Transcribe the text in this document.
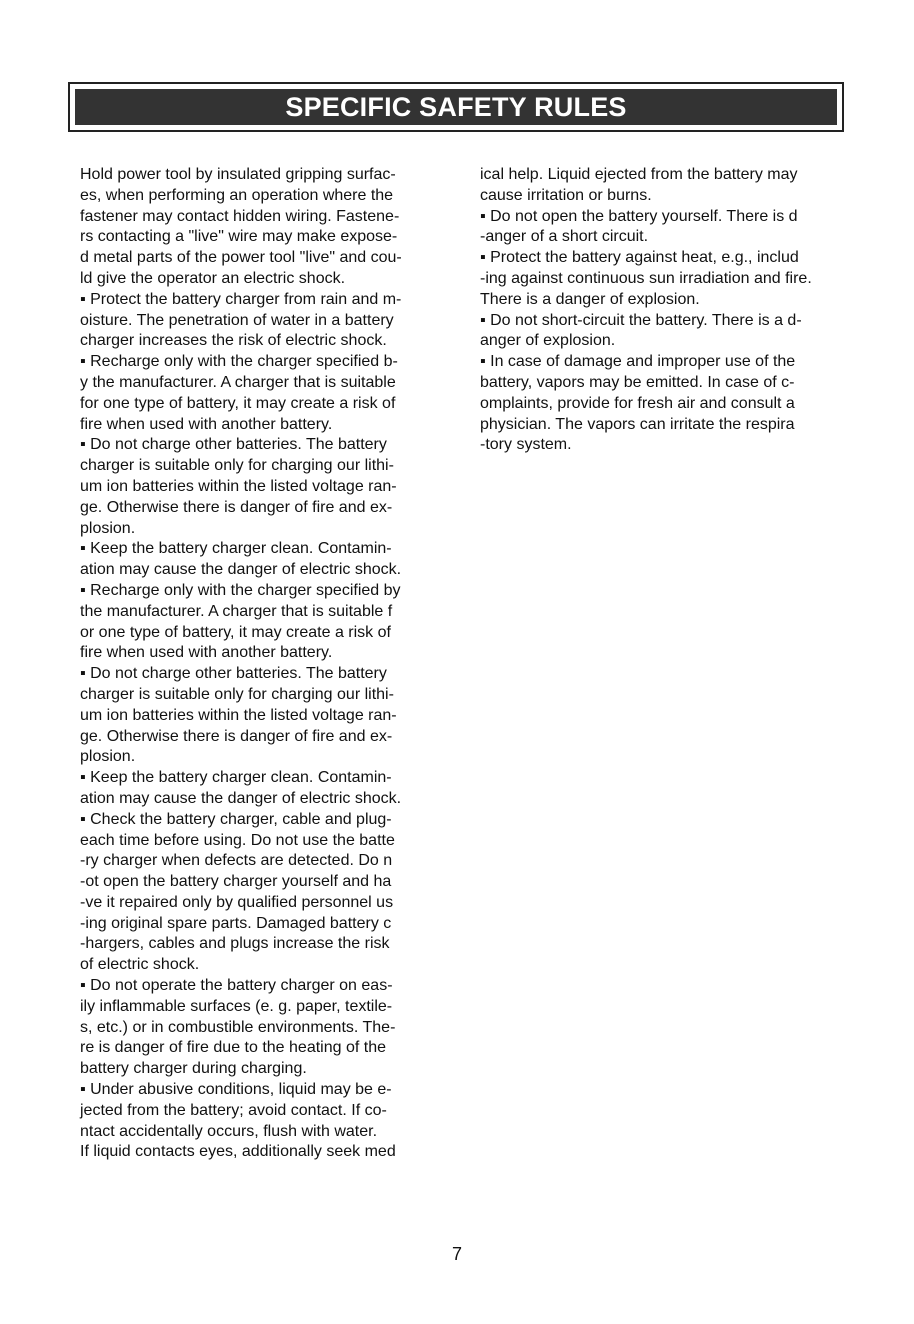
SPECIFIC SAFETY RULES
Hold power tool by insulated gripping surfac-
es, when performing an operation where the
fastener may contact hidden wiring. Fastene-
rs contacting a "live" wire may make expose-
d metal parts of the power tool "live" and cou-
ld give the operator an electric shock.
▪ Protect the battery charger from rain and m-
oisture. The penetration of water in a battery
charger increases the risk of electric shock.
▪ Recharge only with the charger specified b-
y the manufacturer. A charger that is suitable
for one type of battery, it may create a risk of
fire when used with another battery.
▪ Do not charge other batteries. The battery
charger is suitable only for charging our lithi-
um ion batteries within the listed voltage ran-
ge. Otherwise there is danger of fire and ex-
plosion.
▪ Keep the battery charger clean. Contamin-
ation may cause the danger of electric shock.
▪ Recharge only with the charger specified by
the manufacturer. A charger that is suitable f
or one type of battery, it may create a risk of
fire when used with another battery.
▪ Do not charge other batteries. The battery
charger is suitable only for charging our lithi-
um ion batteries within the listed voltage ran-
ge. Otherwise there is danger of fire and ex-
plosion.
▪ Keep the battery charger clean. Contamin-
ation may cause the danger of electric shock.
▪ Check the battery charger, cable and plug-
each time before using. Do not use the batte
-ry charger when defects are detected. Do n
-ot open the battery charger yourself and ha
-ve it repaired only by qualified personnel us
-ing original spare parts. Damaged battery c
-hargers, cables and plugs increase the risk
of electric shock.
▪ Do not operate the battery charger on eas-
ily inflammable surfaces (e. g. paper, textile-
s, etc.) or in combustible environments. The-
re is danger of fire due to the heating of the
battery charger during charging.
▪ Under abusive conditions, liquid may be e-
jected from the battery; avoid contact. If co-
ntact accidentally occurs, flush with water.
If liquid contacts eyes, additionally seek med
ical help. Liquid ejected from the battery may
cause irritation or burns.
▪ Do not open the battery yourself. There is d
-anger of a short circuit.
▪ Protect the battery against heat, e.g., includ
-ing against continuous sun irradiation and fire.
There is a danger of explosion.
▪ Do not short-circuit the battery. There is a d-
anger of explosion.
▪ In case of damage and improper use of the
battery, vapors may be emitted. In case of c-
omplaints, provide for fresh air and consult a
physician. The vapors can irritate the respira
-tory system.
7
